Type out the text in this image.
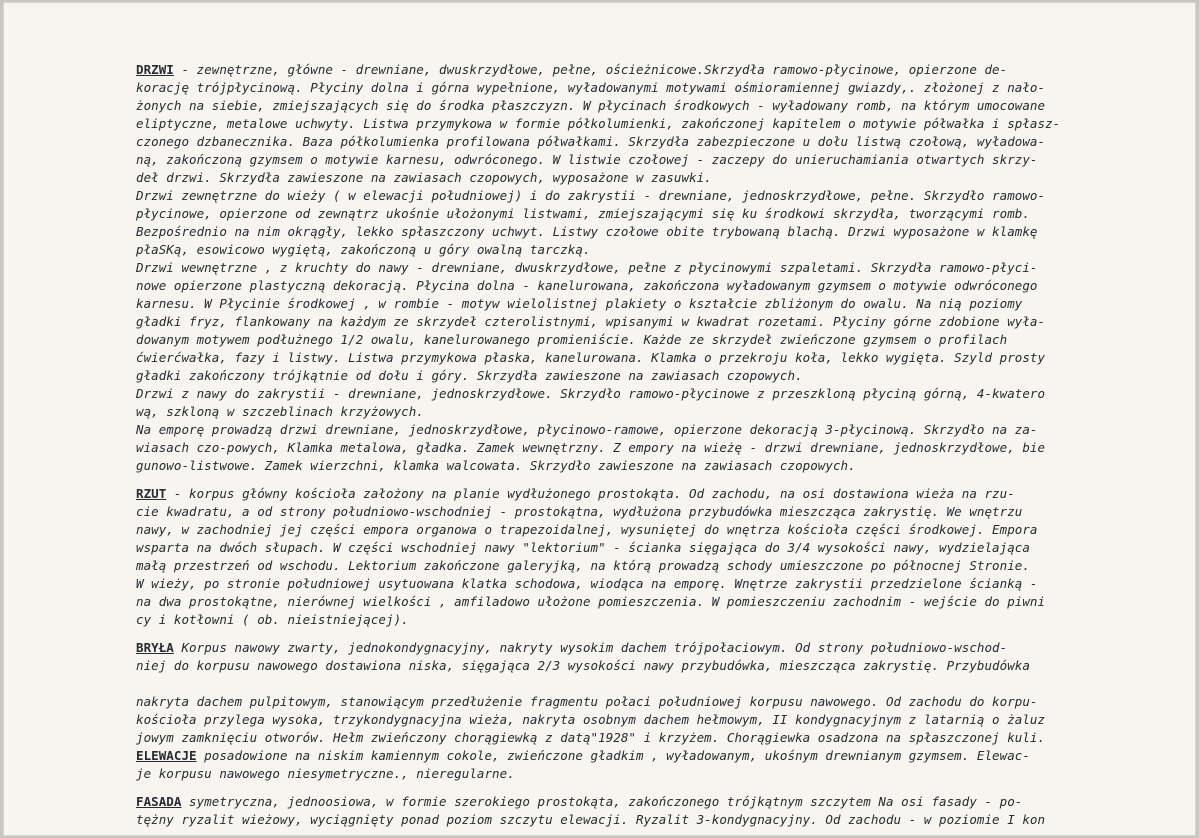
DRZWI - zewnętrzne, główne - drewniane, dwuskrzydłowe, pełne, ościeżnicowe.Skrzydła ramowo-płycinowe, opierzone de-
korację trójpłycinową. Płyciny dolna i górna wypełnione, wyładowanymi motywami ośmioramiennej gwiazdy,. złożonej z nało-
żonych na siebie, zmiejszających się do środka płaszczyzn. W płycinach środkowych - wyładowany romb, na którym umocowane
eliptyczne, metalowe uchwyty. Listwa przymykowa w formie półkolumienki, zakończonej kapitelem o motywie półwałka i spłasz-
czonego dzbanecznika. Baza półkolumienka profilowana półwałkami. Skrzydła zabezpieczone u dołu listwą czołową, wyładowa-
ną, zakończoną gzymsem o motywie karnesu, odwróconego. W listwie czołowej - zaczepy do unieruchamiania otwartych skrzy-
deł drzwi. Skrzydła zawieszone na zawiasach czopowych, wyposażone w zasuwki.
Drzwi zewnętrzne do wieży ( w elewacji południowej) i do zakrystii - drewniane, jednoskrzydłowe, pełne. Skrzydło ramowo-
płycinowe, opierzone od zewnątrz ukośnie ułożonymi listwami, zmiejszającymi się ku środkowi skrzydła, tworzącymi romb.
Bezpośrednio na nim okrągły, lekko spłaszczony uchwyt. Listwy czołowe obite trybowaną blachą. Drzwi wyposażone w klamkę
płaSKą, esowicowo wygiętą, zakończoną u góry owalną tarczką.
Drzwi wewnętrzne , z kruchty do nawy - drewniane, dwuskrzydłowe, pełne z płycinowymi szpaletami. Skrzydła ramowo-płyci-
nowe opierzone plastyczną dekoracją. Płycina dolna - kanelurowana, zakończona wyładowanym gzymsem o motywie odwróconego
karnesu. W Płycinie środkowej , w rombie - motyw wielolistnej plakiety o kształcie zbliżonym do owalu. Na nią poziomy
gładki fryz, flankowany na każdym ze skrzydeł czterolistnymi, wpisanymi w kwadrat rozetami. Płyciny górne zdobione wyła-
dowanym motywem podłużnego 1/2 owalu, kanelurowanego promieniście. Każde ze skrzydeł zwieńczone gzymsem o profilach
ćwierćwałka, fazy i listwy. Listwa przymykowa płaska, kanelurowana. Klamka o przekroju koła, lekko wygięta. Szyld prosty
gładki zakończony trójkątnie od dołu i góry. Skrzydła zawieszone na zawiasach czopowych.
Drzwi z nawy do zakrystii - drewniane, jednoskrzydłowe. Skrzydło ramowo-płycinowe z przeszkloną płyciną górną, 4-kwatero
wą, szkloną w szczeblinach krzyżowych.
Na emporę prowadzą drzwi drewniane, jednoskrzydłowe, płycinowo-ramowe, opierzone dekoracją 3-płycinową. Skrzydło na za-
wiasach czo-powych, Klamka metalowa, gładka. Zamek wewnętrzny. Z empory na wieżę - drzwi drewniane, jednoskrzydłowe, bie
gunowo-listwowe. Zamek wierzchni, klamka walcowata. Skrzydło zawieszone na zawiasach czopowych.
RZUT - korpus główny kościoła założony na planie wydłużonego prostokąta. Od zachodu, na osi dostawiona wieża na rzu-
cie kwadratu, a od strony południowo-wschodniej - prostokątna, wydłużona przybudówka mieszcząca zakrystię. We wnętrzu
nawy, w zachodniej jej części empora organowa o trapezoidalnej, wysuniętej do wnętrza kościoła części środkowej. Empora
wsparta na dwóch słupach. W części wschodniej nawy "lektorium" - ścianka sięgająca do 3/4 wysokości nawy, wydzielająca
małą przestrzeń od wschodu. Lektorium zakończone galeryjką, na którą prowadzą schody umieszczone po północnej Stronie.
W wieży, po stronie południowej usytuowana klatka schodowa, wiodąca na emporę. Wnętrze zakrystii przedzielone ścianką -
na dwa prostokątne, nierównej wielkości , amfiladowo ułożone pomieszczenia. W pomieszczeniu zachodnim - wejście do piwni
cy i kotłowni ( ob. nieistniejącej).
BRYŁA Korpus nawowy zwarty, jednokondygnacyjny, nakryty wysokim dachem trójpołaciowym. Od strony południowo-wschod-
niej do korpusu nawowego dostawiona niska, sięgająca 2/3 wysokości nawy przybudówka, mieszcząca zakrystię. Przybudówka
nakryta dachem pulpitowym, stanowiącym przedłużenie fragmentu połaci południowej korpusu nawowego. Od zachodu do korpu-
kościoła przylega wysoka, trzykondygnacyjna wieża, nakryta osobnym dachem hełmowym, II kondygnacyjnym z latarnią o żaluz
jowym zamknięciu otworów. Hełm zwieńczony chorągiewką z datą"1928" i krzyżem. Chorągiewka osadzona na spłaszczonej kuli.
ELEWACJE posadowione na niskim kamiennym cokole, zwieńczone gładkim , wyładowanym, ukośnym drewnianym gzymsem. Elewac-
je korpusu nawowego niesymetryczne., nieregularne.
FASADA symetryczna, jednoosiowa, w formie szerokiego prostokąta, zakończonego trójkątnym szczytem Na osi fasady - po-
tężny ryzalit wieżowy, wyciągnięty ponad poziom szczytu elewacji. Ryzalit 3-kondygnacyjny. Od zachodu - w poziomie I kon
